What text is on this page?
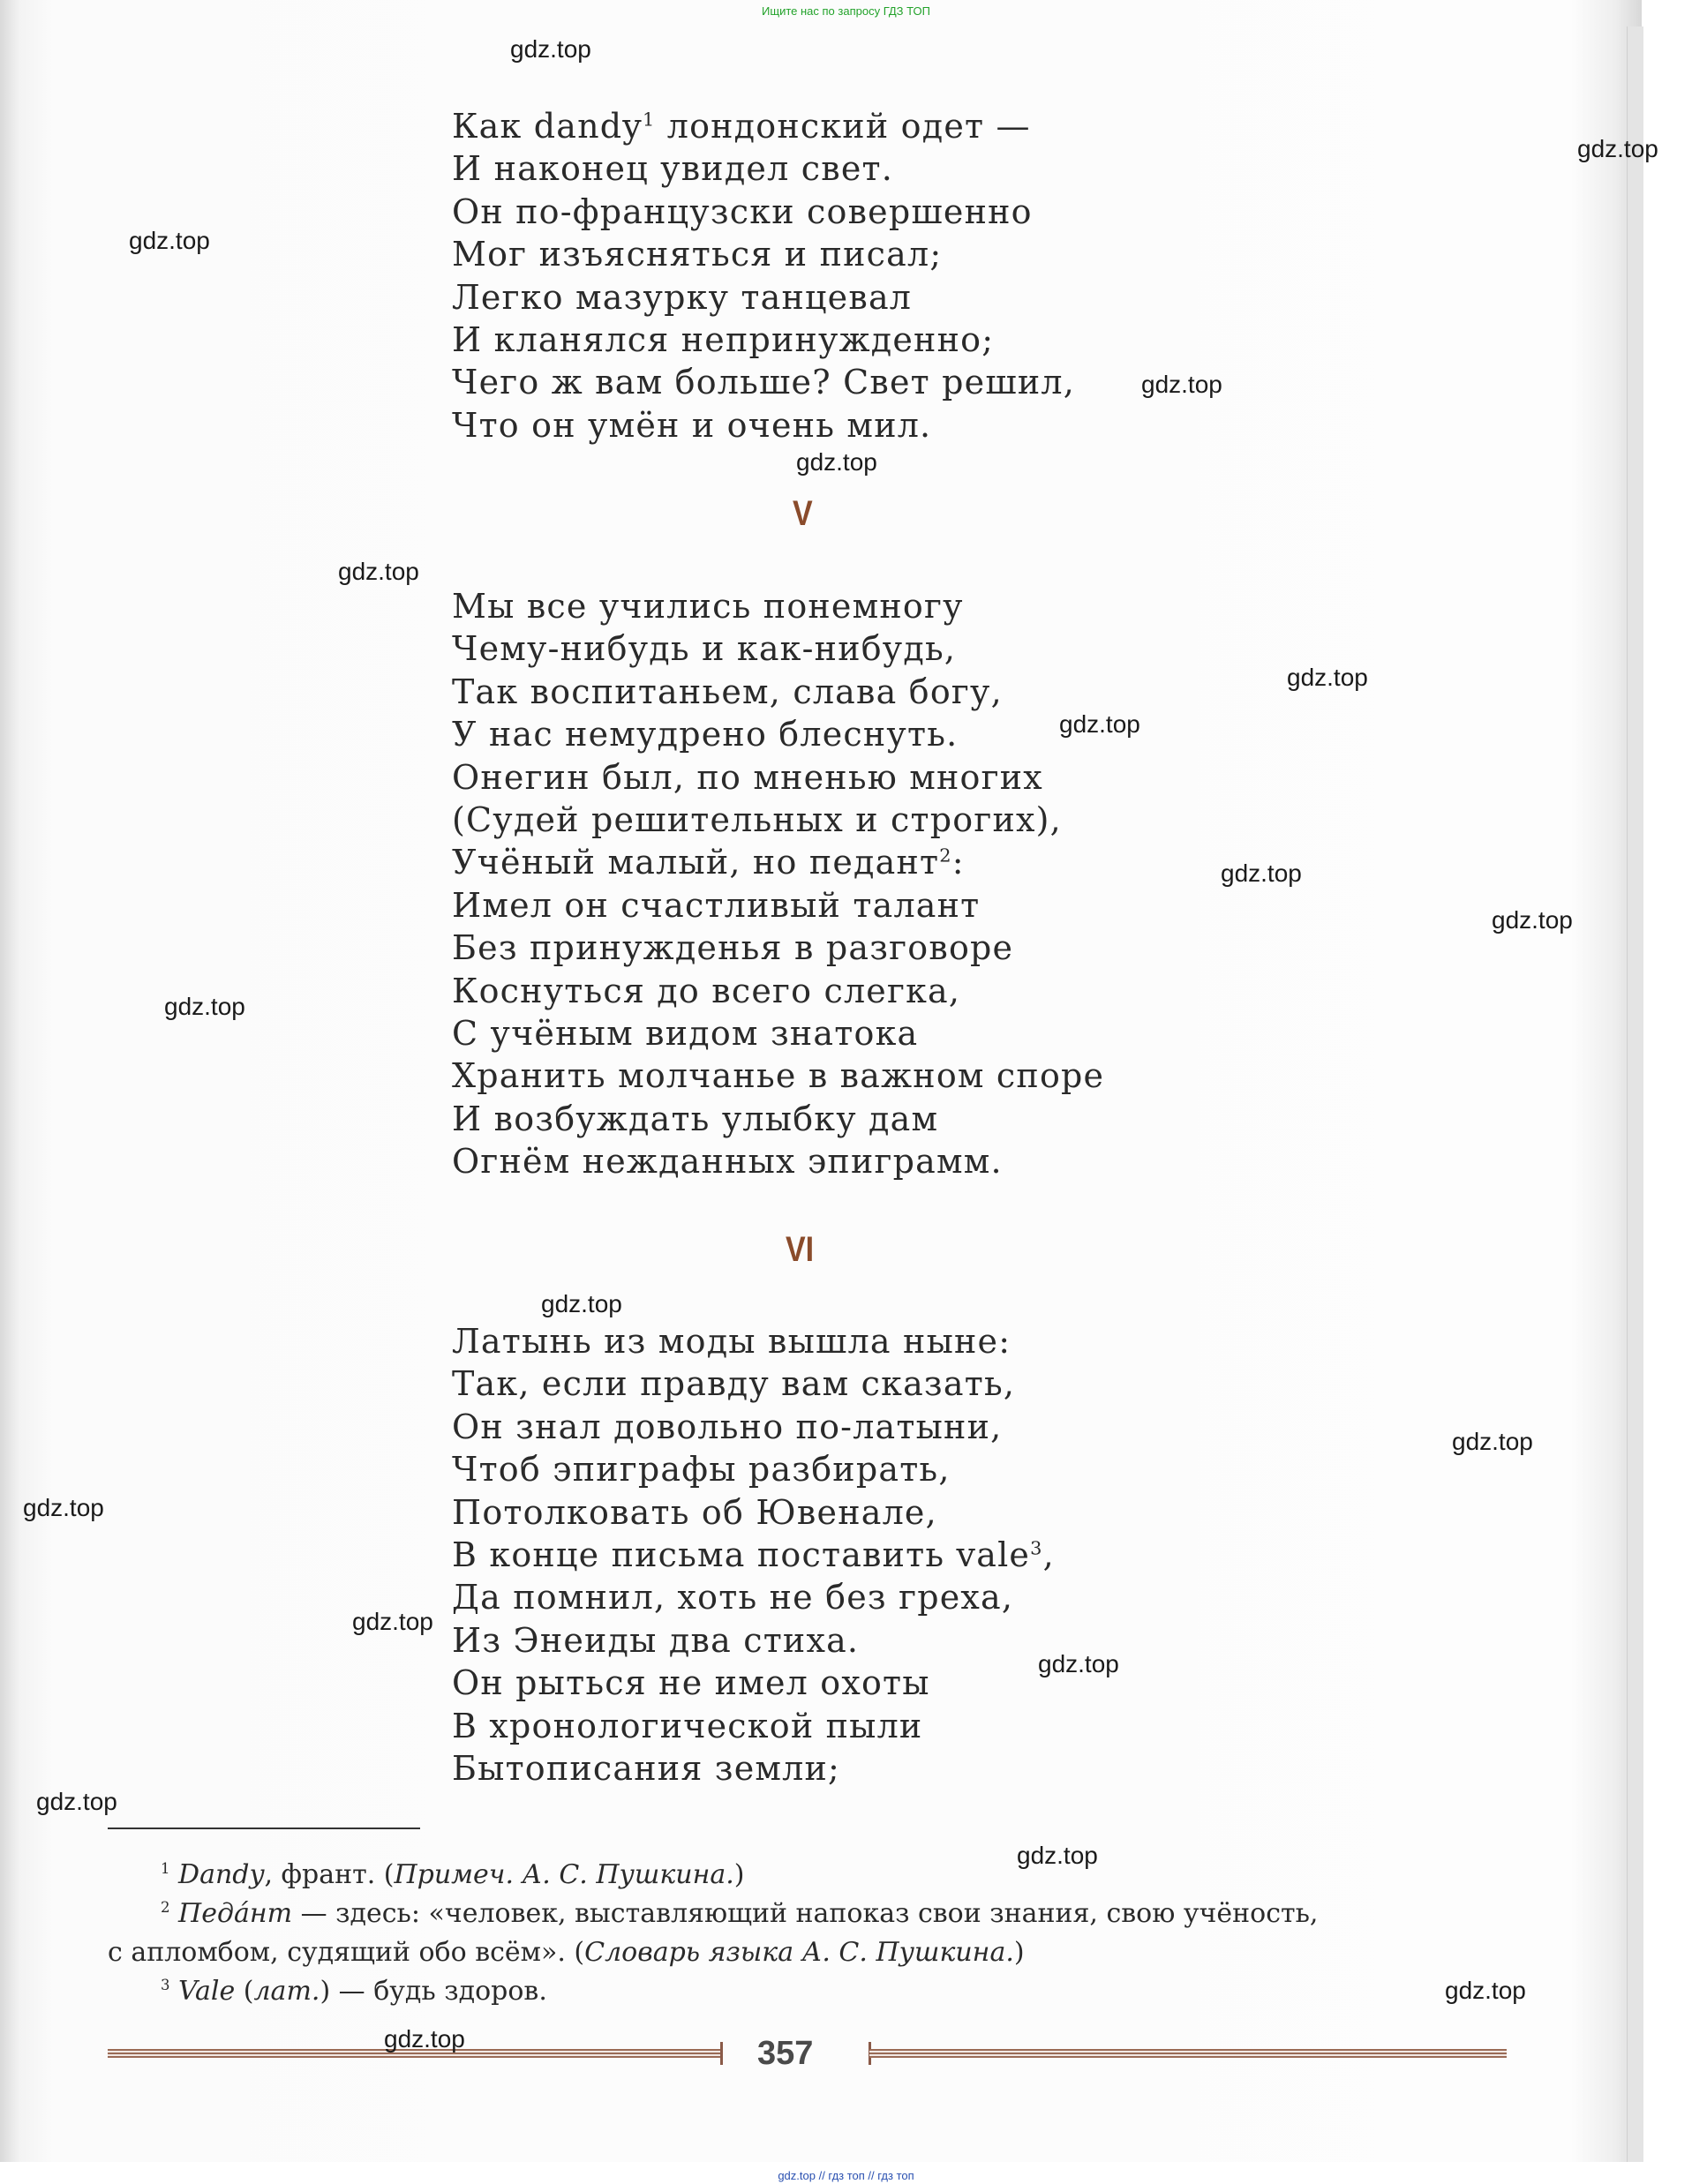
Ищите нас по запросу ГДЗ ТОП
Как dandy$^1$ лондонский одет —
И наконец увидел свет.
Он по-французски совершенно
Мог изъясняться и писал;
Легко мазурку танцевал
И кланялся непринужденно;
Чего ж вам больше? Свет решил,
Что он умён и очень мил.
V
Мы все учились понемногу
Чему-нибудь и как-нибудь,
Так воспитаньем, слава богу,
У нас немудрено блеснуть.
Онегин был, по мненью многих
(Судей решительных и строгих),
Учёный малый, но педант$^2$:
Имел он счастливый талант
Без принужденья в разговоре
Коснуться до всего слегка,
С учёным видом знатока
Хранить молчанье в важном споре
И возбуждать улыбку дам
Огнём нежданных эпиграмм.
VI
Латынь из моды вышла ныне:
Так, если правду вам сказать,
Он знал довольно по-латыни,
Чтоб эпиграфы разбирать,
Потолковать об Ювенале,
В конце письма поставить vale$^3$,
Да помнил, хоть не без греха,
Из Энеиды два стиха.
Он рыться не имел охоты
В хронологической пыли
Бытописания земли;

$^1$ Dandy, франт. (Примеч. А. С. Пушкина.)

$^2$ Педáнт — здесь: «человек, выставляющий напоказ свои знания, свою учёность,

с апломбом, судящий обо всём». (Словарь языка А. С. Пушкина.)

$^3$ Vale (лат.) — будь здоров.

357
gdz.top
gdz.top
gdz.top
gdz.top
gdz.top
gdz.top
gdz.top
gdz.top
gdz.top
gdz.top
gdz.top
gdz.top
gdz.top
gdz.top
gdz.top
gdz.top
gdz.top
gdz.top
gdz.top
gdz.top
gdz.top // гдз топ // гдз топ
